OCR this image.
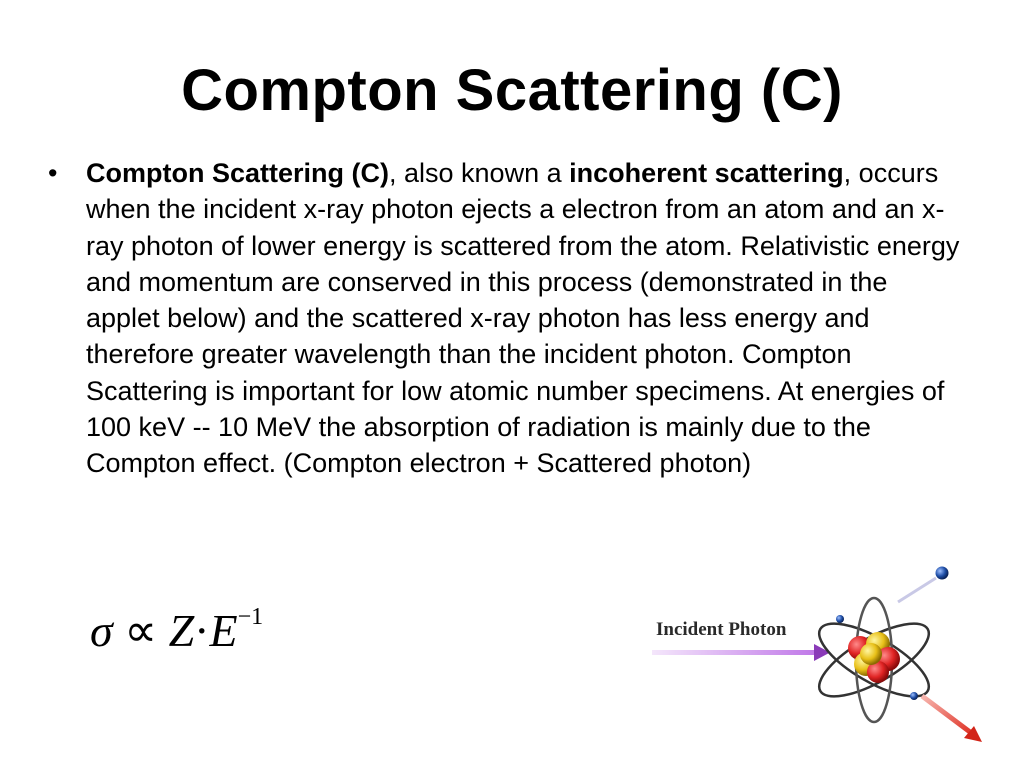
Compton Scattering (C)
• Compton Scattering (C), also known a incoherent scattering, occurs when the incident x-ray photon ejects a electron from an atom and an x-ray photon of lower energy is scattered from the atom. Relativistic energy and momentum are conserved in this process (demonstrated in the applet below) and the scattered x-ray photon has less energy and therefore greater wavelength than the incident photon. Compton Scattering is important for low atomic number specimens. At energies of 100 keV -- 10 MeV the absorption of radiation is mainly due to the Compton effect. (Compton electron + Scattered photon)
$\sigma \propto Z\cdot E^{-1}$	Incident Photon
